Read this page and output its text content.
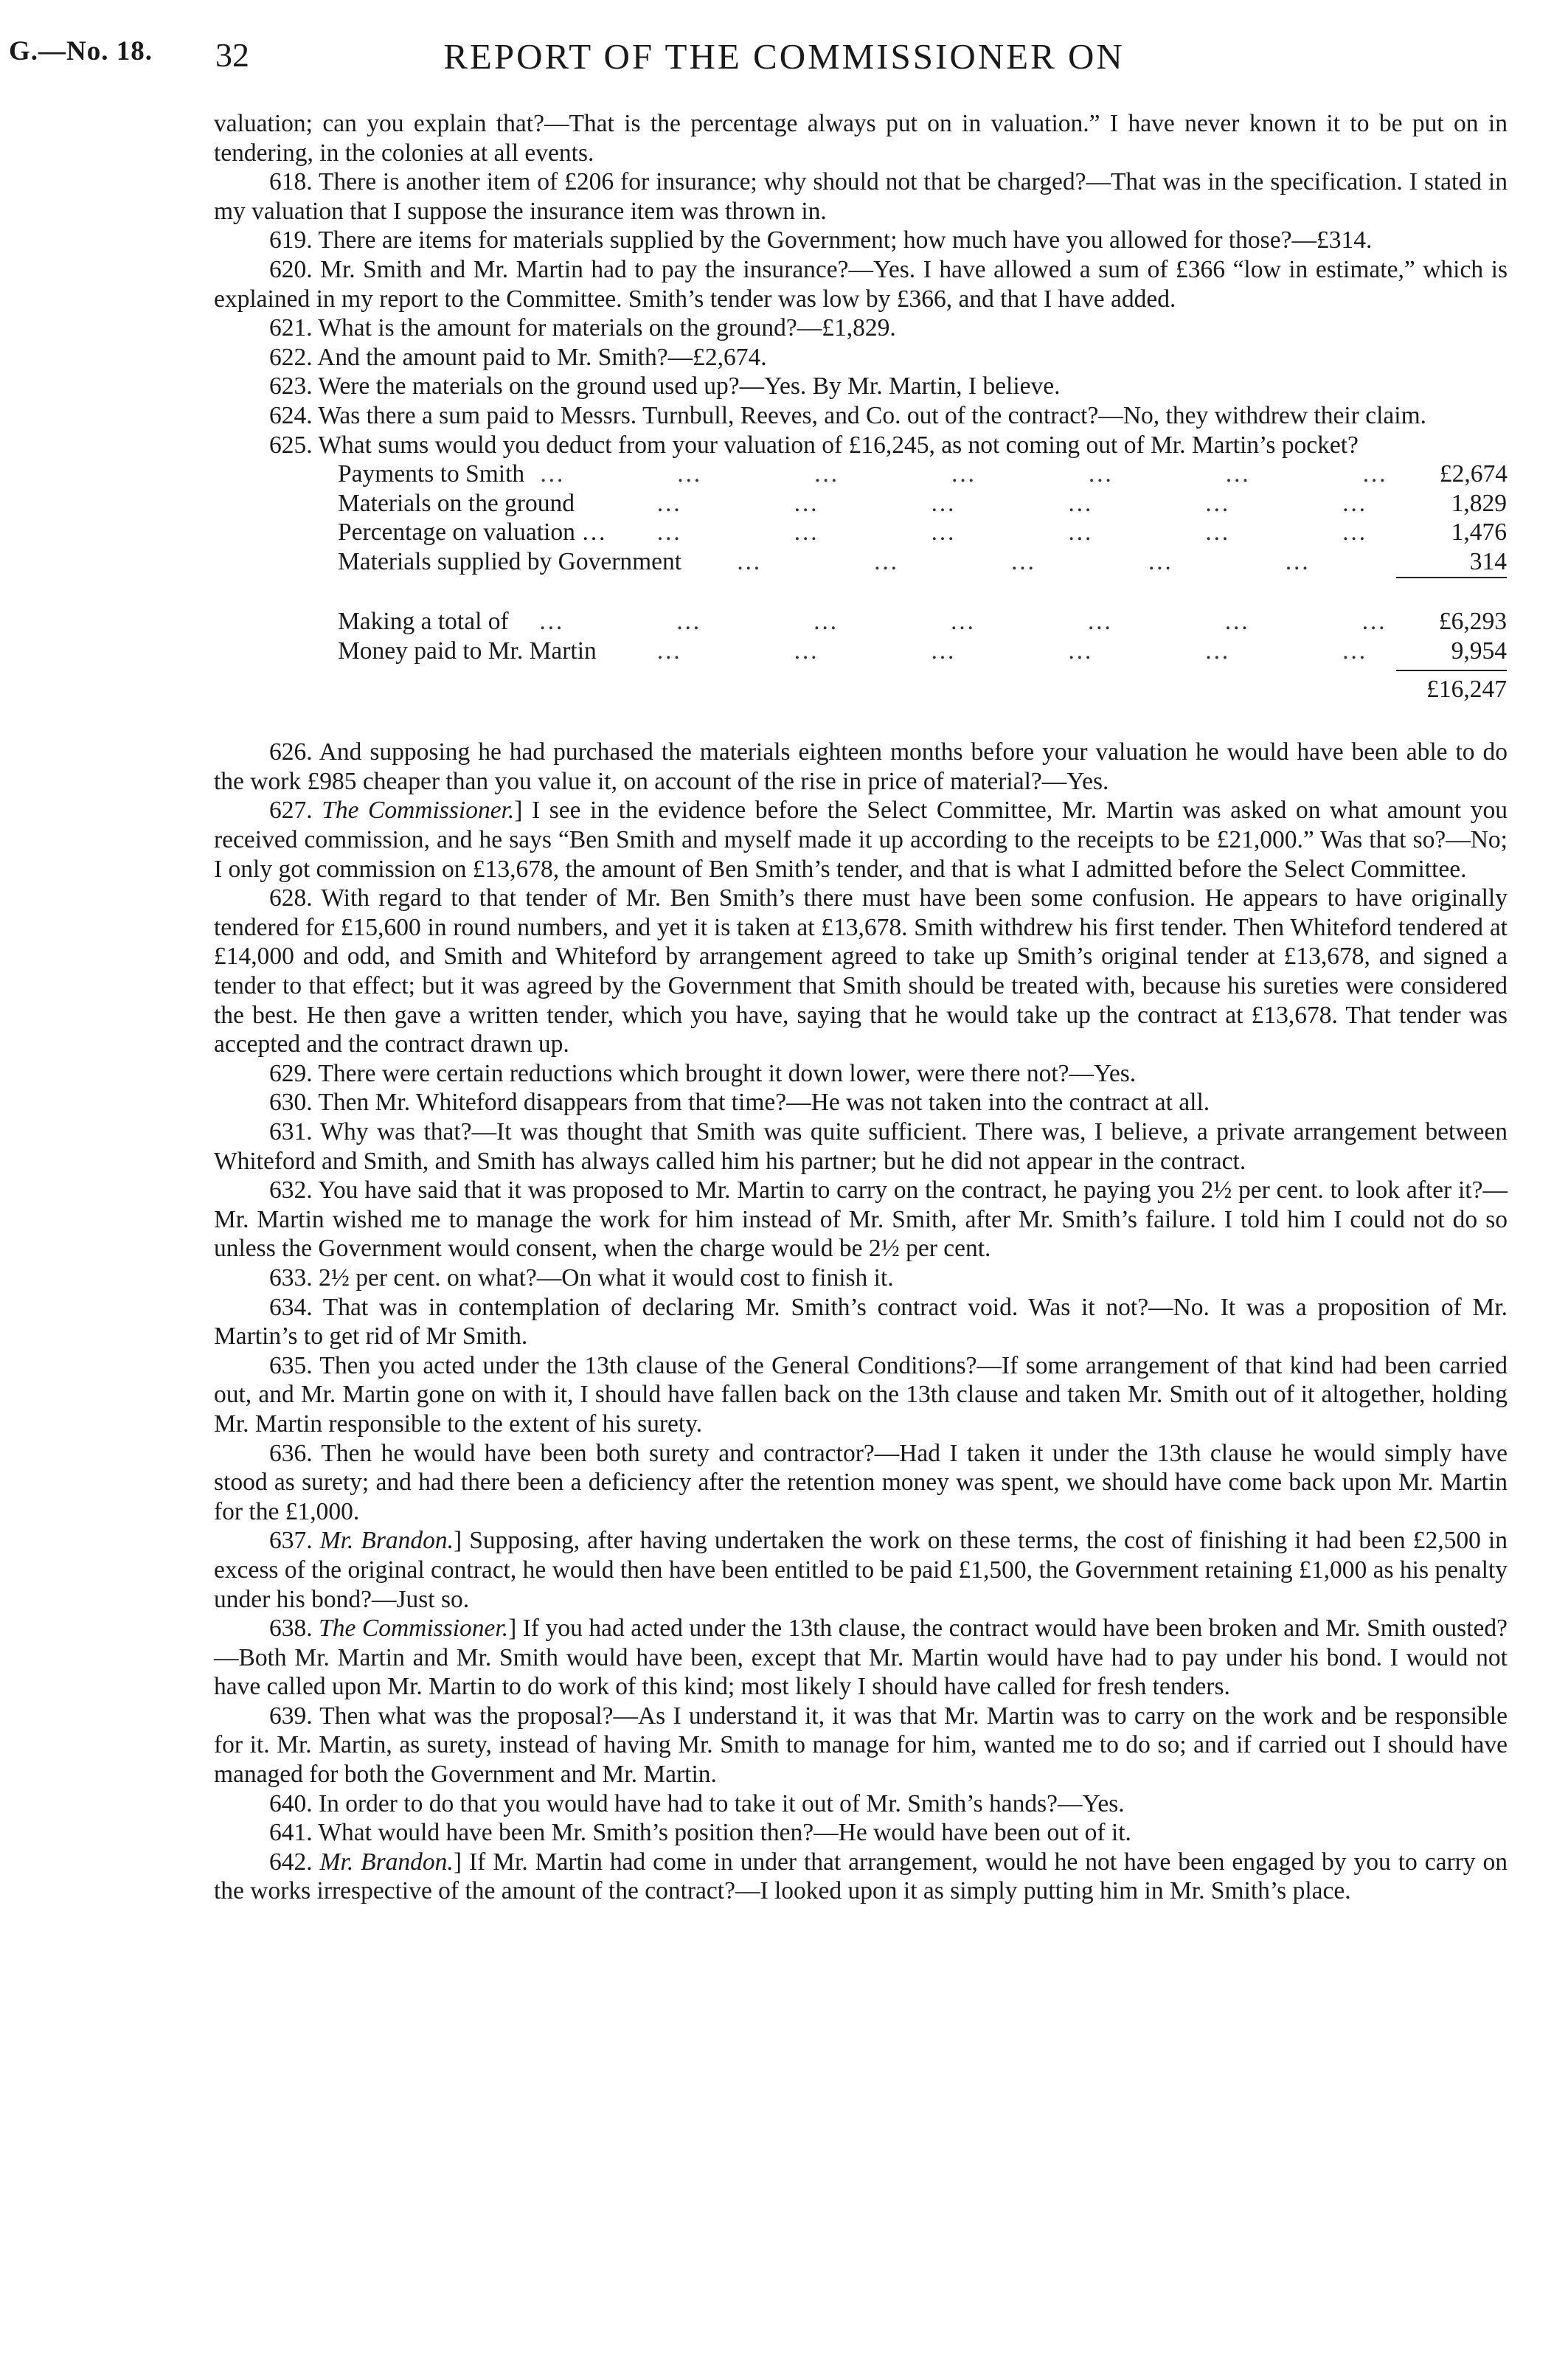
G.—No. 18. 32	REPORT OF THE COMMISSIONER ON

valuation; can you explain that?—That is the percentage always put on in valuation.” I have never known it to be put on in tendering, in the colonies at all events.

618. There is another item of £206 for insurance; why should not that be charged?—That was in the specification. I stated in my valuation that I suppose the insurance item was thrown in.

619. There are items for materials supplied by the Government; how much have you allowed for those?—£314.

620. Mr. Smith and Mr. Martin had to pay the insurance?—Yes. I have allowed a sum of £366 “low in estimate,” which is explained in my report to the Committee. Smith’s tender was low by £366, and that I have added.

621. What is the amount for materials on the ground?—£1,829.

622. And the amount paid to Mr. Smith?—£2,674.

623. Were the materials on the ground used up?—Yes. By Mr. Martin, I believe.

624. Was there a sum paid to Messrs. Turnbull, Reeves, and Co. out of the contract?—No, they withdrew their claim.

625. What sums would you deduct from your valuation of £16,245, as not coming out of Mr. Martin’s pocket?

Payments to Smith … … … … … … … £2,674
Materials on the ground	… … … … … …	1,829
Percentage on valuation …	… … … … … …	1,476
Materials supplied by Government	… … … … …	314
Making a total of	… … … … … … … £6,293
Money paid to Mr. Martin	… … … … … …	9,954
£16,247

626. And supposing he had purchased the materials eighteen months before your valuation he would have been able to do the work £985 cheaper than you value it, on account of the rise in price of material?—Yes.

627. The Commissioner.] I see in the evidence before the Select Committee, Mr. Martin was asked on what amount you received commission, and he says “Ben Smith and myself made it up according to the receipts to be £21,000.” Was that so?—No; I only got commission on £13,678, the amount of Ben Smith’s tender, and that is what I admitted before the Select Committee.

628. With regard to that tender of Mr. Ben Smith’s there must have been some confusion. He appears to have originally tendered for £15,600 in round numbers, and yet it is taken at £13,678. Smith withdrew his first tender. Then Whiteford tendered at £14,000 and odd, and Smith and Whiteford by arrangement agreed to take up Smith’s original tender at £13,678, and signed a tender to that effect; but it was agreed by the Government that Smith should be treated with, because his sureties were considered the best. He then gave a written tender, which you have, saying that he would take up the contract at £13,678. That tender was accepted and the contract drawn up.

629. There were certain reductions which brought it down lower, were there not?—Yes.

630. Then Mr. Whiteford disappears from that time?—He was not taken into the contract at all.

631. Why was that?—It was thought that Smith was quite sufficient. There was, I believe, a private arrangement between Whiteford and Smith, and Smith has always called him his partner; but he did not appear in the contract.

632. You have said that it was proposed to Mr. Martin to carry on the contract, he paying you 2½ per cent. to look after it?—Mr. Martin wished me to manage the work for him instead of Mr. Smith, after Mr. Smith’s failure. I told him I could not do so unless the Government would consent, when the charge would be 2½ per cent.

633. 2½ per cent. on what?—On what it would cost to finish it.

634. That was in contemplation of declaring Mr. Smith’s contract void. Was it not?—No. It was a proposition of Mr. Martin’s to get rid of Mr Smith.

635. Then you acted under the 13th clause of the General Conditions?—If some arrangement of that kind had been carried out, and Mr. Martin gone on with it, I should have fallen back on the 13th clause and taken Mr. Smith out of it altogether, holding Mr. Martin responsible to the extent of his surety.

636. Then he would have been both surety and contractor?—Had I taken it under the 13th clause he would simply have stood as surety; and had there been a deficiency after the retention money was spent, we should have come back upon Mr. Martin for the £1,000.

637. Mr. Brandon.] Supposing, after having undertaken the work on these terms, the cost of finishing it had been £2,500 in excess of the original contract, he would then have been entitled to be paid £1,500, the Government retaining £1,000 as his penalty under his bond?—Just so.

638. The Commissioner.] If you had acted under the 13th clause, the contract would have been broken and Mr. Smith ousted?—Both Mr. Martin and Mr. Smith would have been, except that Mr. Martin would have had to pay under his bond. I would not have called upon Mr. Martin to do work of this kind; most likely I should have called for fresh tenders.

639. Then what was the proposal?—As I understand it, it was that Mr. Martin was to carry on the work and be responsible for it. Mr. Martin, as surety, instead of having Mr. Smith to manage for him, wanted me to do so; and if carried out I should have managed for both the Government and Mr. Martin.

640. In order to do that you would have had to take it out of Mr. Smith’s hands?—Yes.

641. What would have been Mr. Smith’s position then?—He would have been out of it.

642. Mr. Brandon.] If Mr. Martin had come in under that arrangement, would he not have been engaged by you to carry on the works irrespective of the amount of the contract?—I looked upon it as simply putting him in Mr. Smith’s place.
